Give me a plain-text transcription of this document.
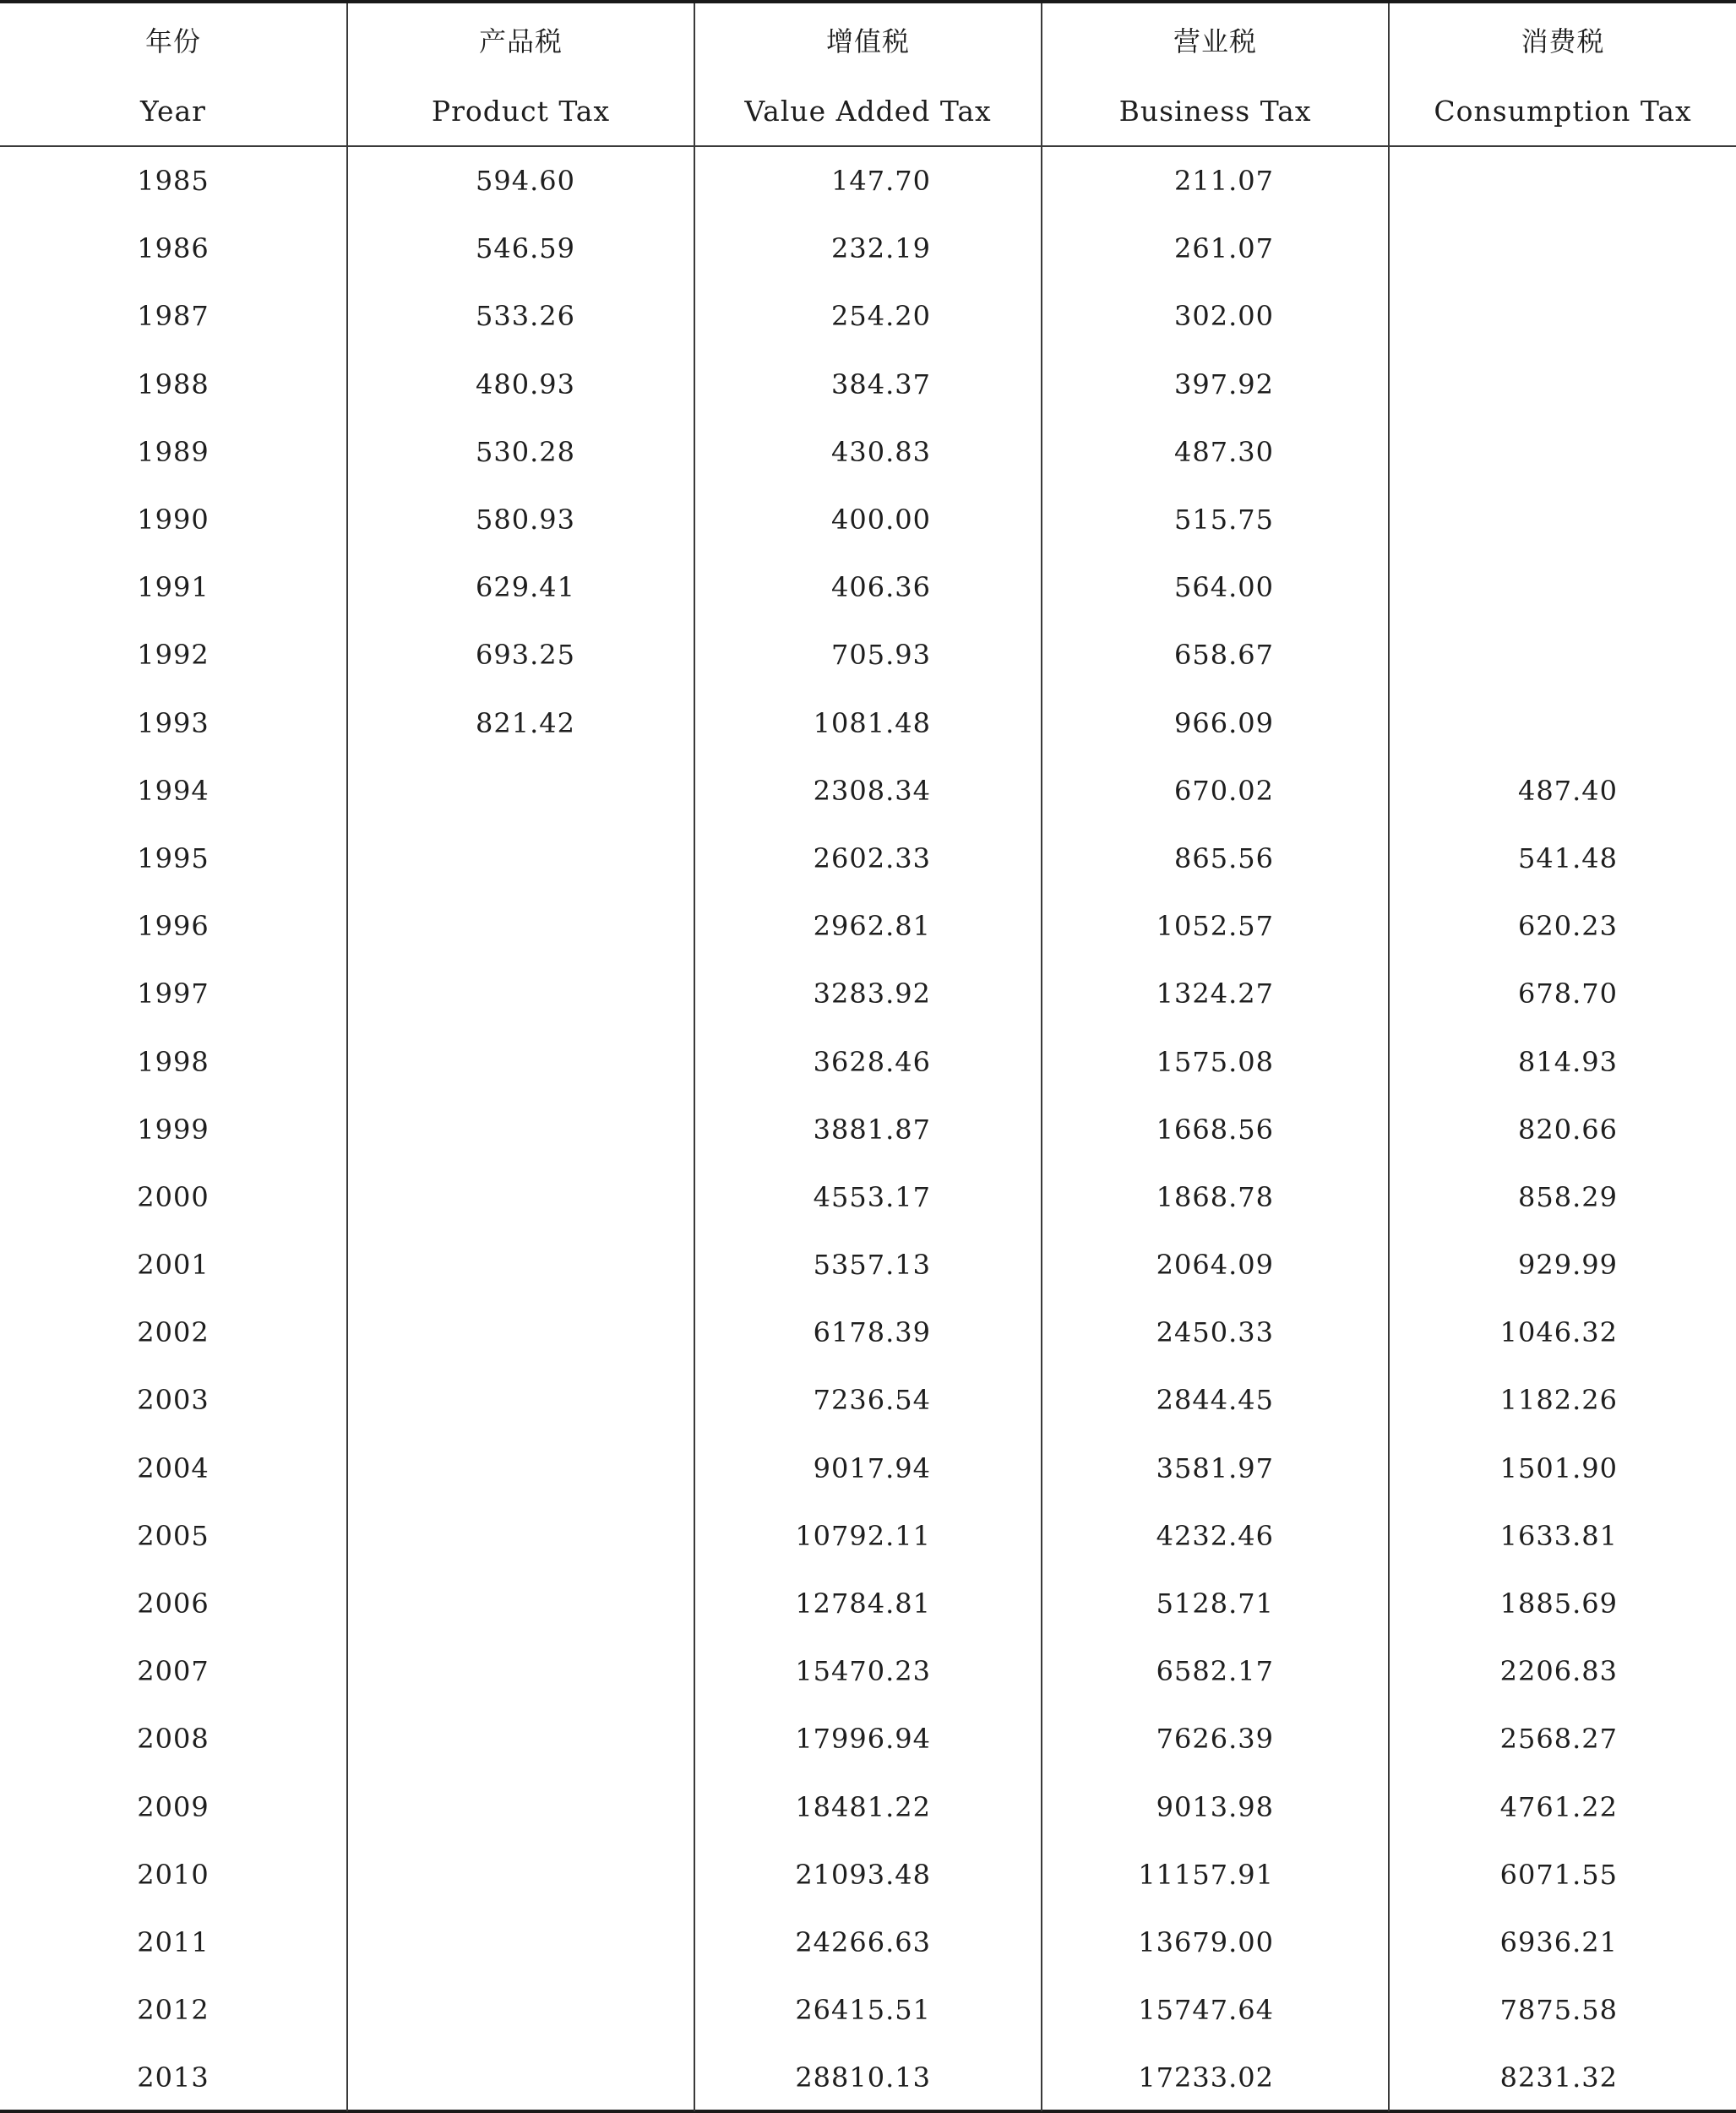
年份	产品税	增值税	营业税	消费税
Year	Product Tax	Value Added Tax	Business Tax	Consumption Tax
1985	594.60	147.70	211.07	
1986	546.59	232.19	261.07	
1987	533.26	254.20	302.00	
1988	480.93	384.37	397.92	
1989	530.28	430.83	487.30	
1990	580.93	400.00	515.75	
1991	629.41	406.36	564.00	
1992	693.25	705.93	658.67	
1993	821.42	1081.48	966.09	
1994		2308.34	670.02	487.40
1995		2602.33	865.56	541.48
1996		2962.81	1052.57	620.23
1997		3283.92	1324.27	678.70
1998		3628.46	1575.08	814.93
1999		3881.87	1668.56	820.66
2000		4553.17	1868.78	858.29
2001		5357.13	2064.09	929.99
2002		6178.39	2450.33	1046.32
2003		7236.54	2844.45	1182.26
2004		9017.94	3581.97	1501.90
2005		10792.11	4232.46	1633.81
2006		12784.81	5128.71	1885.69
2007		15470.23	6582.17	2206.83
2008		17996.94	7626.39	2568.27
2009		18481.22	9013.98	4761.22
2010		21093.48	11157.91	6071.55
2011		24266.63	13679.00	6936.21
2012		26415.51	15747.64	7875.58
2013		28810.13	17233.02	8231.32
